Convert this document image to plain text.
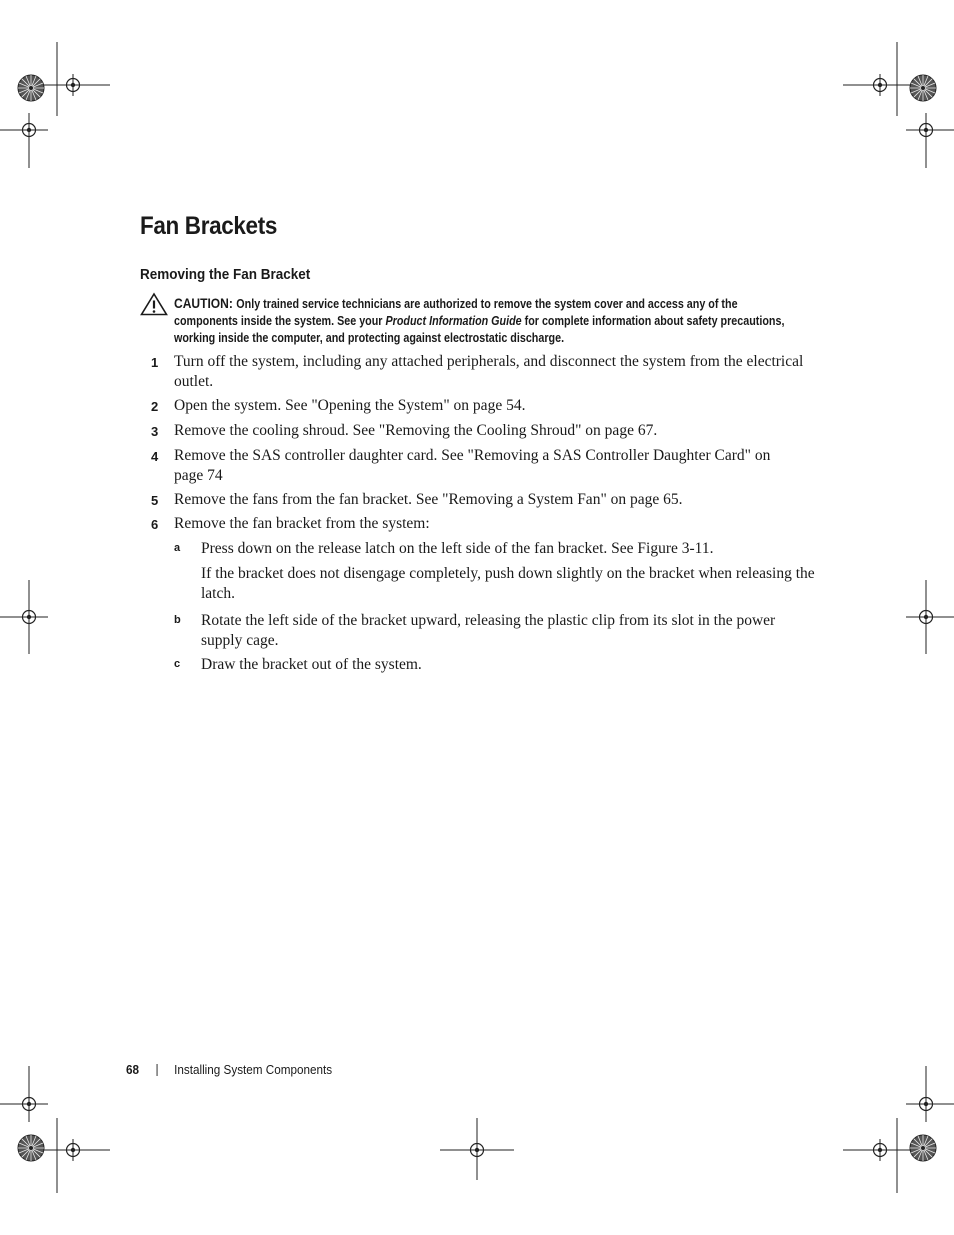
Fan Brackets
Removing the Fan Bracket
CAUTION: Only trained service technicians are authorized to remove the system cover and access any of the components inside the system. See your Product Information Guide for complete information about safety precautions, working inside the computer, and protecting against electrostatic discharge.
1 Turn off the system, including any attached peripherals, and disconnect the system from the electrical outlet.
2 Open the system. See "Opening the System" on page 54.
3 Remove the cooling shroud. See "Removing the Cooling Shroud" on page 67.
4 Remove the SAS controller daughter card. See "Removing a SAS Controller Daughter Card" on page 74
5 Remove the fans from the fan bracket. See "Removing a System Fan" on page 65.
6 Remove the fan bracket from the system:
a Press down on the release latch on the left side of the fan bracket. See Figure 3-11.
If the bracket does not disengage completely, push down slightly on the bracket when releasing the latch.
b Rotate the left side of the bracket upward, releasing the plastic clip from its slot in the power supply cage.
c Draw the bracket out of the system.
68	Installing System Components
